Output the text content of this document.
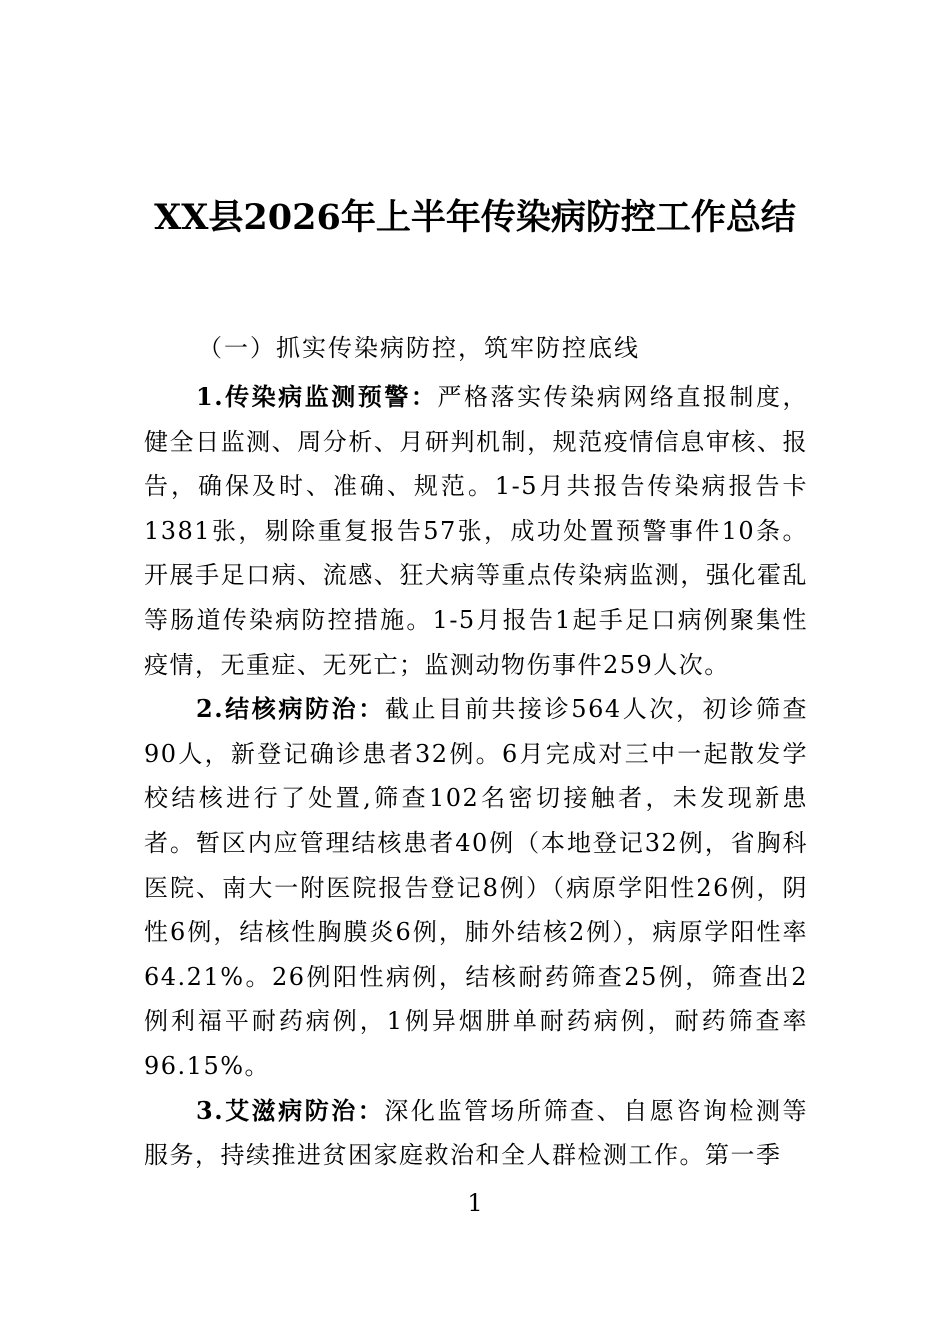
XX县2026年上半年传染病防控工作总结
（一）抓实传染病防控，筑牢防控底线

1.传染病监测预警：严格落实传染病网络直报制度，健全日监测、周分析、月研判机制，规范疫情信息审核、报告，确保及时、准确、规范。1-5月共报告传染病报告卡1381张，剔除重复报告57张，成功处置预警事件10条。开展手足口病、流感、狂犬病等重点传染病监测，强化霍乱等肠道传染病防控措施。1-5月报告1起手足口病例聚集性疫情，无重症、无死亡；监测动物伤事件259人次。

2.结核病防治：截止目前共接诊564人次，初诊筛查90人，新登记确诊患者32例。6月完成对三中一起散发学校结核进行了处置,筛查102名密切接触者，未发现新患者。暂区内应管理结核患者40例（本地登记32例，省胸科医院、南大一附医院报告登记8例）（病原学阳性26例，阴性6例，结核性胸膜炎6例，肺外结核2例），病原学阳性率64.21%。26例阳性病例，结核耐药筛查25例，筛查出2例利福平耐药病例，1例异烟肼单耐药病例，耐药筛查率96.15%。

3.艾滋病防治：深化监管场所筛查、自愿咨询检测等服务，持续推进贫困家庭救治和全人群检测工作。第一季

1
